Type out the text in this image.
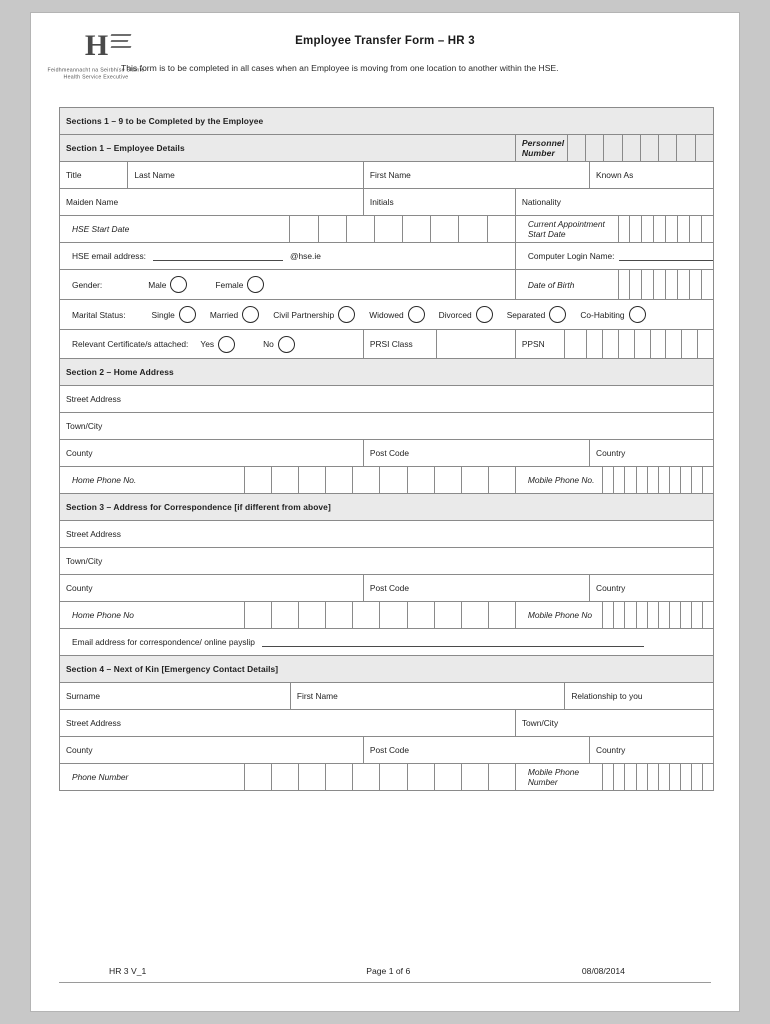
H
Feidhmeannacht na Seirbhíse Sláinte
Health Service Executive
Employee Transfer Form – HR 3
This form is to be completed in all cases when an Employee is moving from one location to another within the HSE.
Sections 1 – 9 to be Completed by the Employee							
Section 1 – Employee Details					Personnel Number		

Title	Last Name		First Name				Known As
Maiden Name			Initials		Nationality		

HSE Start Date					Current Appointment Start Date		

HSE email address: @hse.ie					Computer Login Name:		

Gender: Male Female					Date of Birth		

Marital Status:	Single	Married	Civil Partnership	Widowed	Divorced	Separated	Co-Habiting

Relevant Certificate/s attached: Yes No			PRSI Class		PPSN		

Section 2 – Home Address							
Street Address							
Town/City							
County			Post Code				Country

Home Phone No.					Mobile Phone No.		

Section 3 – Address for Correspondence [if different from above]							
Street Address							
Town/City							
County			Post Code				Country

Home Phone No					Mobile Phone No		

Email address for correspondence/ online payslip							

Section 4 – Next of Kin [Emergency Contact Details]							
Surname		First Name				Relationship to you	
Street Address					Town/City		
County			Post Code				Country

Phone Number					Mobile Phone Number		
HR 3 V_1	Page 1 of 6	08/08/2014
